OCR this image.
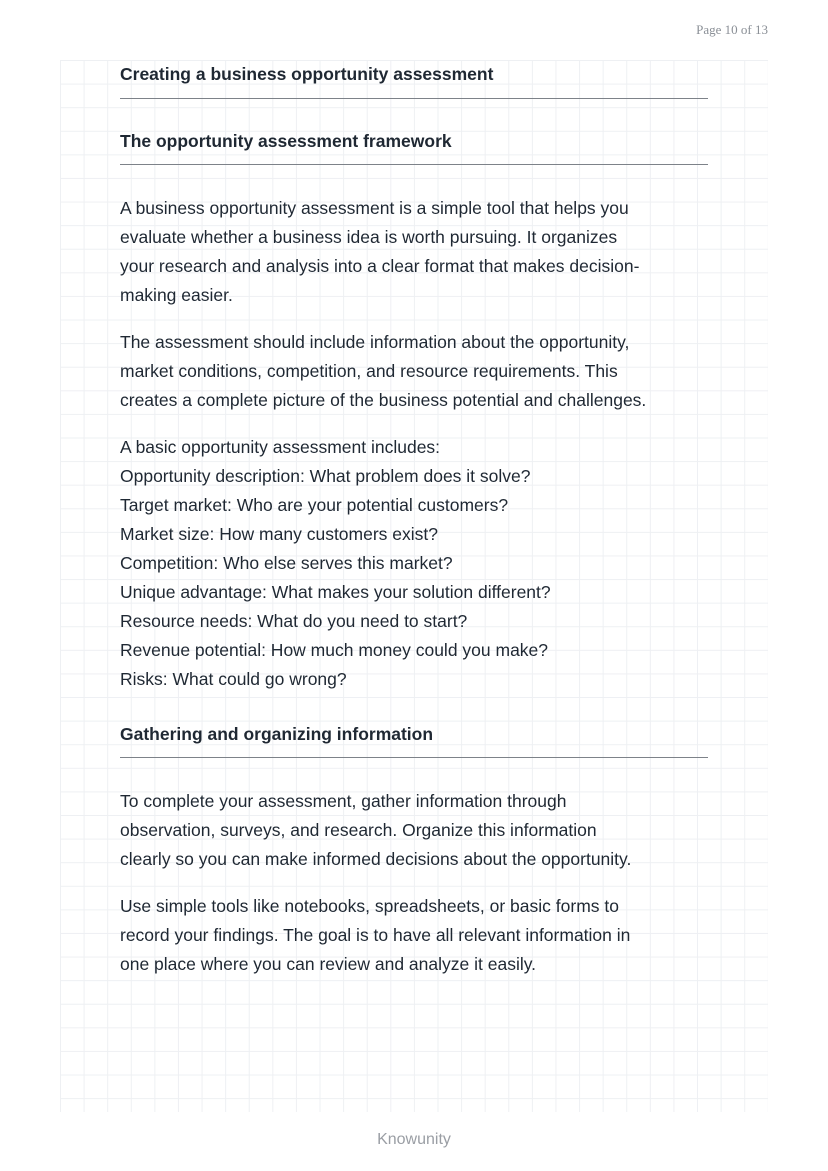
Page 10 of 13
Creating a business opportunity assessment
The opportunity assessment framework

A business opportunity assessment is a simple tool that helps you
evaluate whether a business idea is worth pursuing. It organizes
your research and analysis into a clear format that makes decision-
making easier.

The assessment should include information about the opportunity,
market conditions, competition, and resource requirements. This
creates a complete picture of the business potential and challenges.

A basic opportunity assessment includes:
Opportunity description: What problem does it solve?
Target market: Who are your potential customers?
Market size: How many customers exist?
Competition: Who else serves this market?
Unique advantage: What makes your solution different?
Resource needs: What do you need to start?
Revenue potential: How much money could you make?
Risks: What could go wrong?
Gathering and organizing information

To complete your assessment, gather information through
observation, surveys, and research. Organize this information
clearly so you can make informed decisions about the opportunity.

Use simple tools like notebooks, spreadsheets, or basic forms to
record your findings. The goal is to have all relevant information in
one place where you can review and analyze it easily.

Knowunity
